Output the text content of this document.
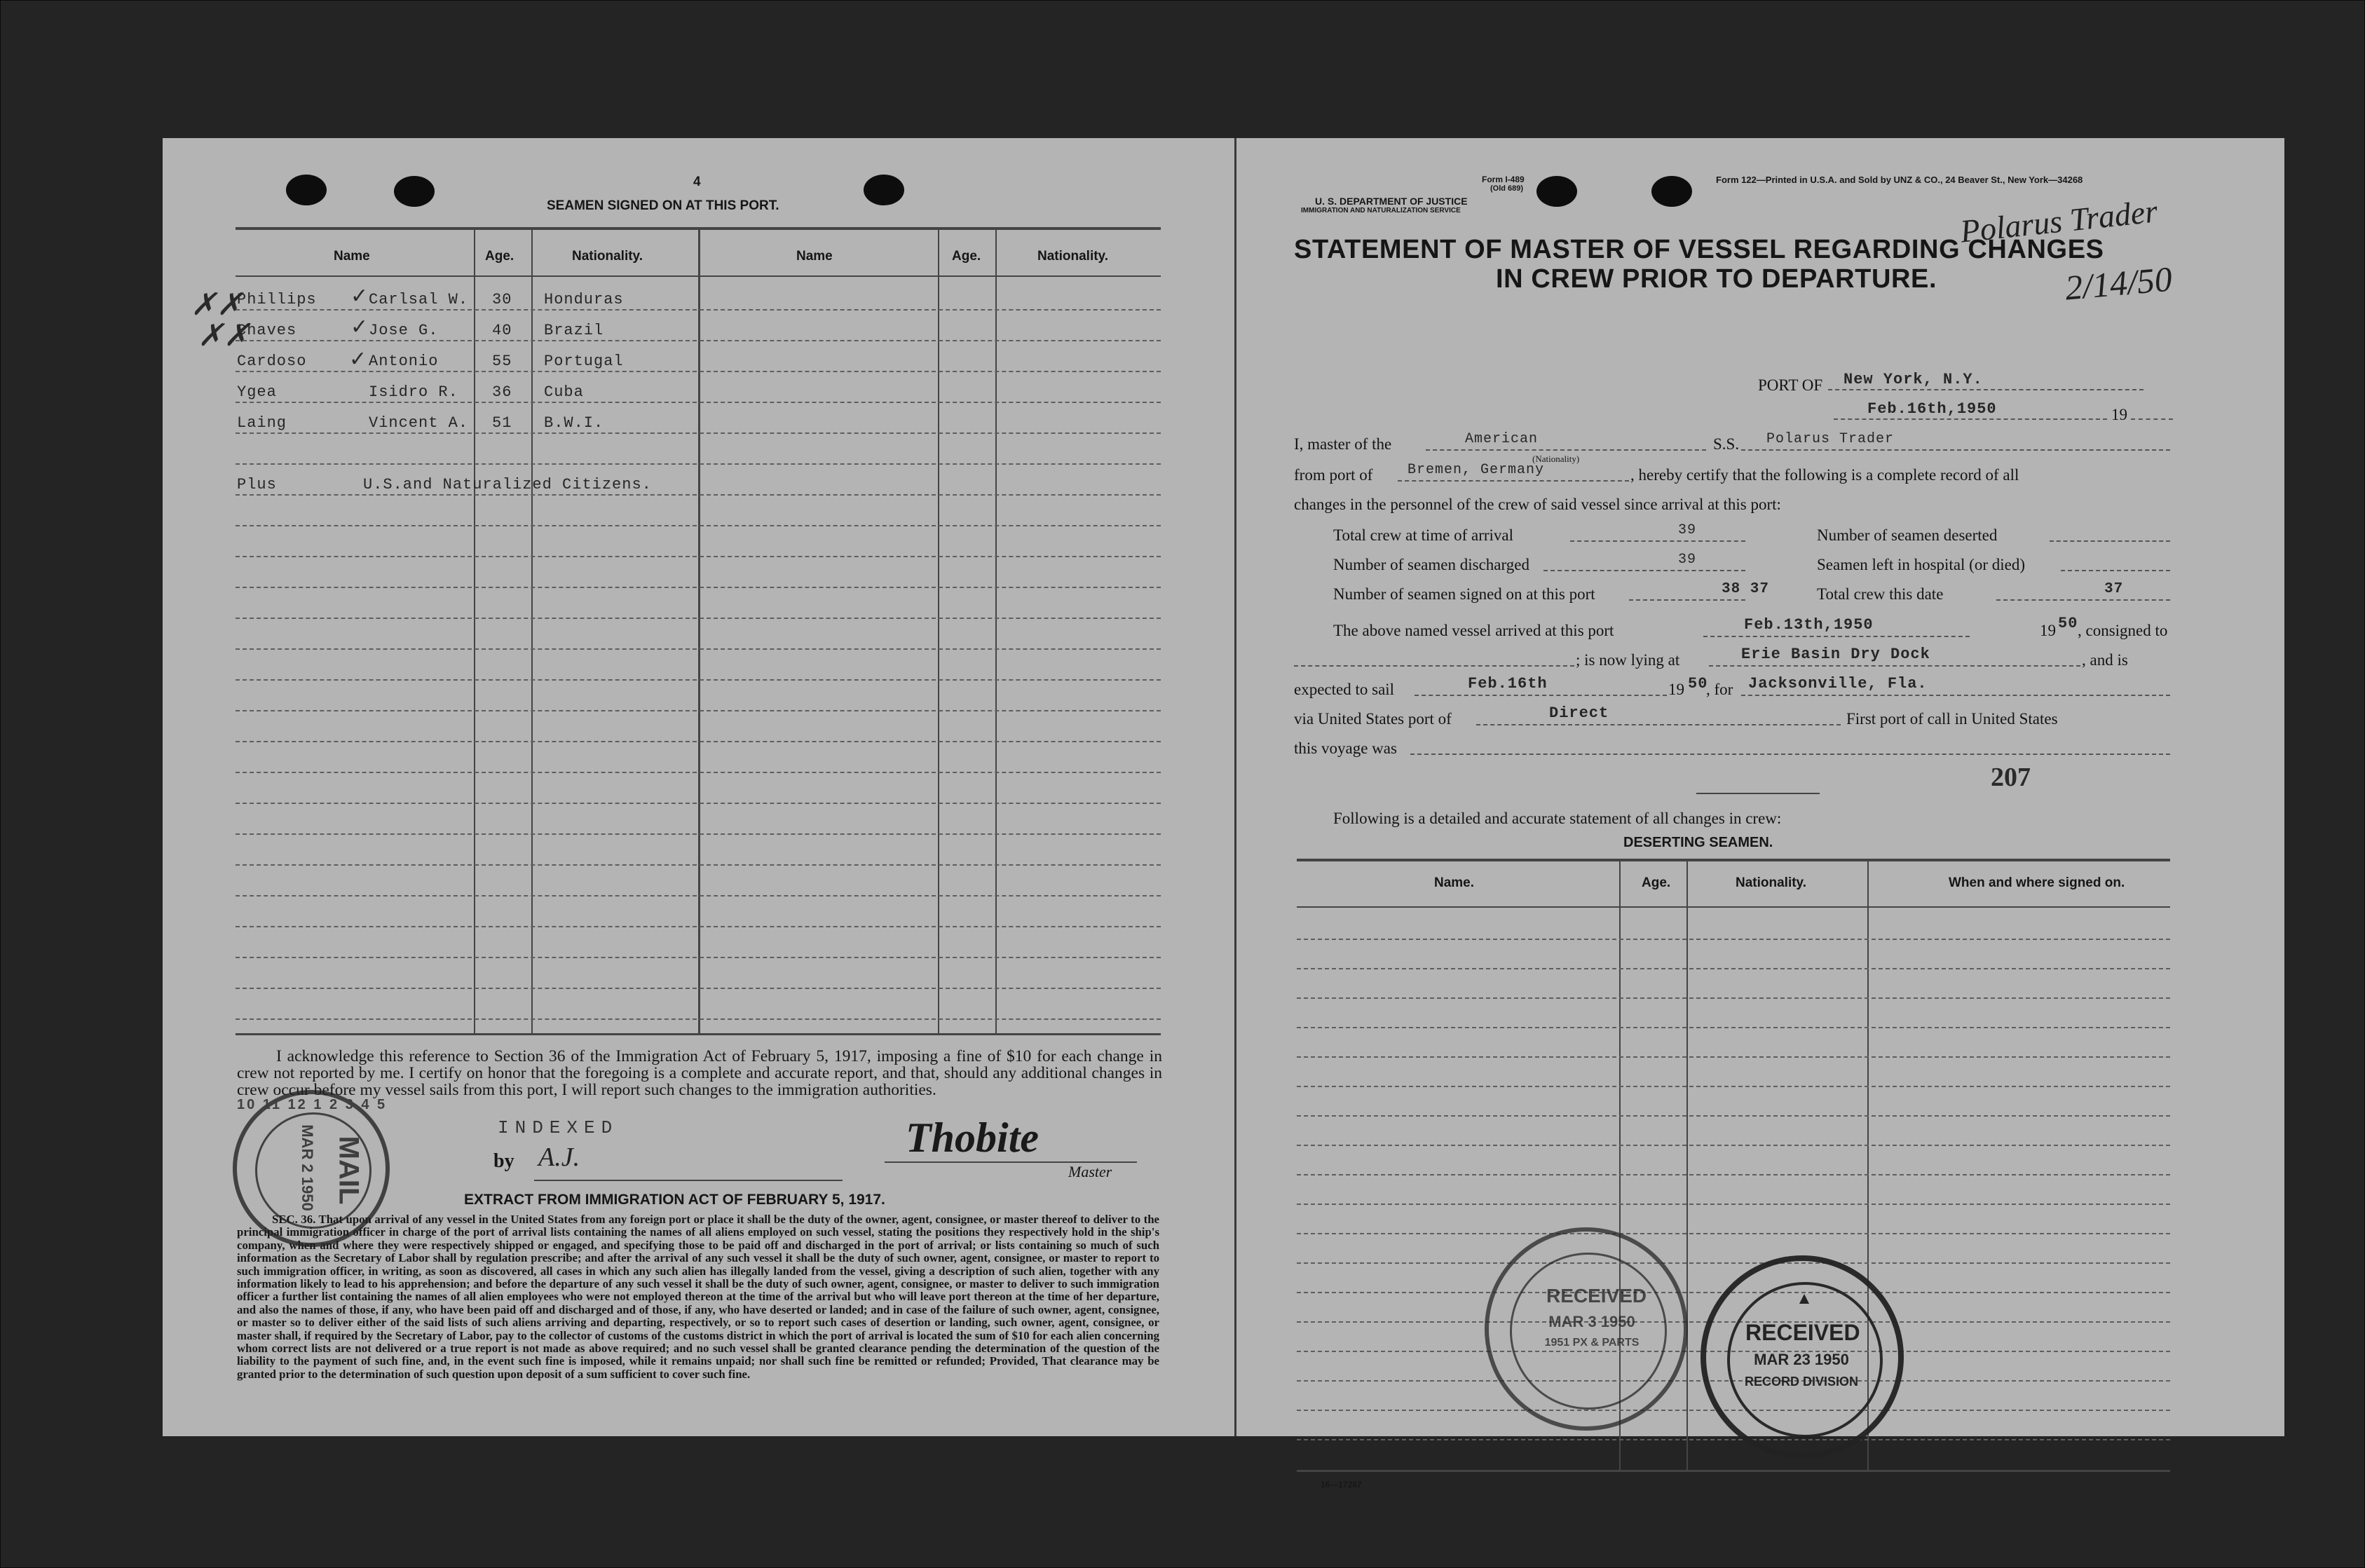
4
SEAMEN SIGNED ON AT THIS PORT.
Name	Age.	Nationality.	Name	Age.	Nationality.
✗✗
✗✗
✓
✓
✓
Phillips	Carlsal W. 30 Honduras
Chaves	Jose G.	40 Brazil
Cardoso	Antonio	55 Portugal
Ygea	Isidro R. 36 Cuba
Laing	Vincent A. 51 B.W.I.
Plus	U.S.and Naturalized Citizens.
I acknowledge this reference to Section 36 of the Immigration Act of February 5, 1917, imposing a fine of $10 for each change in crew not reported by me. I certify on honor that the foregoing is a complete and accurate report, and that, should any additional changes in crew occur before my vessel sails from this port, I will report such changes to the immigration authorities.
INDEXED
by A.J.	Thobite
Master
EXTRACT FROM IMMIGRATION ACT OF FEBRUARY 5, 1917.
SEC. 36. That upon arrival of any vessel in the United States from any foreign port or place it shall be the duty of the owner, agent, consignee, or master thereof to deliver to the principal immigration officer in charge of the port of arrival lists containing the names of all aliens employed on such vessel, stating the positions they respectively hold in the ship's company, when and where they were respectively shipped or engaged, and specifying those to be paid off and discharged in the port of arrival; or lists containing so much of such information as the Secretary of Labor shall by regulation prescribe; and after the arrival of any such vessel it shall be the duty of such owner, agent, consignee, or master to report to such immigration officer, in writing, as soon as discovered, all cases in which any such alien has illegally landed from the vessel, giving a description of such alien, together with any information likely to lead to his apprehension; and before the departure of any such vessel it shall be the duty of such owner, agent, consignee, or master to deliver to such immigration officer a further list containing the names of all alien employees who were not employed thereon at the time of the arrival but who will leave port thereon at the time of her departure, and also the names of those, if any, who have been paid off and discharged and of those, if any, who have deserted or landed; and in case of the failure of such owner, agent, consignee, or master so to deliver either of the said lists of such aliens arriving and departing, respectively, or so to report such cases of desertion or landing, such owner, agent, consignee, or master shall, if required by the Secretary of Labor, pay to the collector of customs of the customs district in which the port of arrival is located the sum of $10 for each alien concerning whom correct lists are not delivered or a true report is not made as above required; and no such vessel shall be granted clearance pending the determination of the question of the liability to the payment of such fine, and, in the event such fine is imposed, while it remains unpaid; nor shall such fine be remitted or refunded; Provided, That clearance may be granted prior to the determination of such question upon deposit of a sum sufficient to cover such fine.
10 11 12 1 2 3 4 5
MAIL
MAR 2 1950
Form I-489
(Old 689)
U. S. DEPARTMENT OF JUSTICE
IMMIGRATION AND NATURALIZATION SERVICE
Form 122—Printed in U.S.A. and Sold by UNZ & CO., 24 Beaver St., New York—34268
Polarus Trader
2/14/50
STATEMENT OF MASTER OF VESSEL REGARDING CHANGES
IN CREW PRIOR TO DEPARTURE.
PORT OF New York, N.Y.
Feb.16th,1950	19
I, master of the	American
(Nationality)
S.S. Polarus Trader
from port of Bremen, Germany	, hereby certify that the following is a complete record of all
changes in the personnel of the crew of said vessel since arrival at this port:
Total crew at time of arrival	39	Number of seamen deserted
Number of seamen discharged	39	Seamen left in hospital (or died)
Number of seamen signed on at this port	38 37	Total crew this date	37
The above named vessel arrived at this port	Feb.13th,1950	19 50 , consigned to
; is now lying at	Erie Basin Dry Dock	, and is
expected to sail	Feb.16th	19 50
, for Jacksonville, Fla.
via United States port of	Direct	First port of call in United States
this voyage was
207
Following is a detailed and accurate statement of all changes in crew:
DESERTING SEAMEN.
Name.	Age.	Nationality.	When and where signed on.
16—17287
RECEIVED
MAR 3 1950
1951 PX & PARTS
▲
RECEIVED
MAR 23 1950
RECORD DIVISION
